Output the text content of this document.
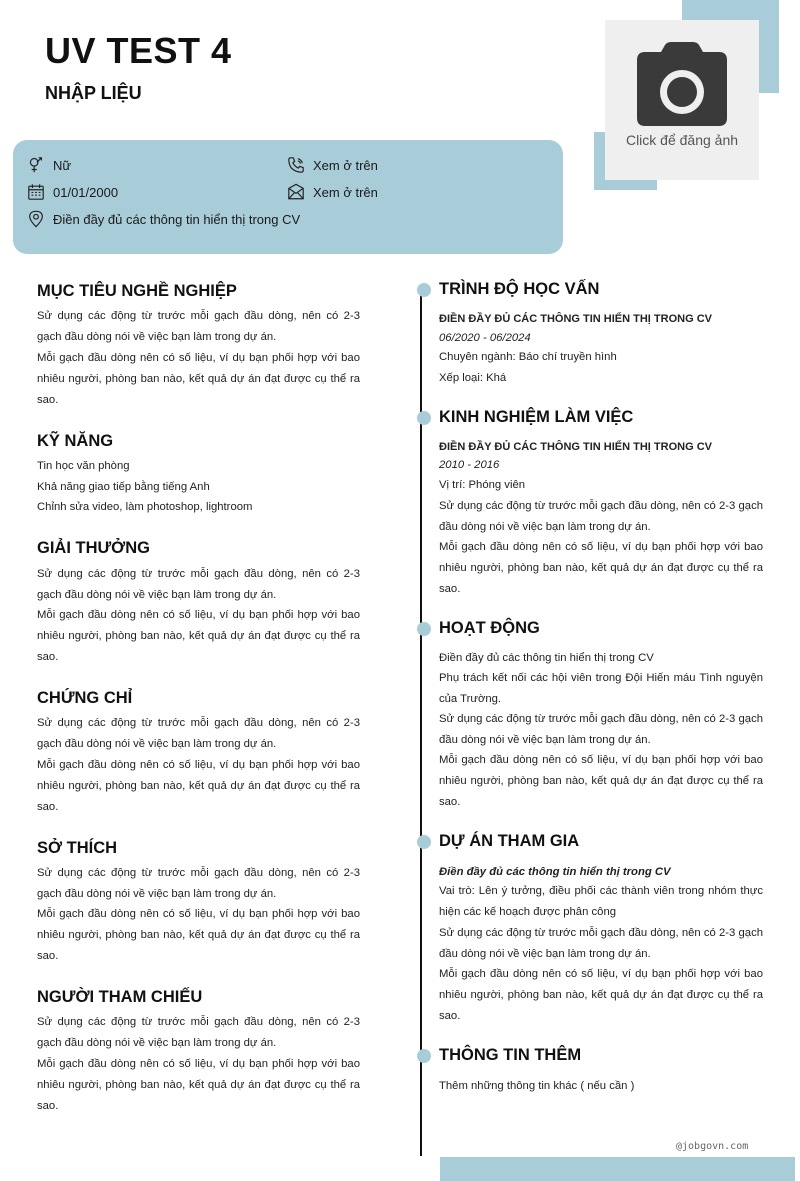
UV TEST 4
NHẬP LIỆU
Click để đăng ảnh
Nữ	Xem ở trên
01/01/2000	Xem ở trên
Điền đầy đủ các thông tin hiển thị trong CV
MỤC TIÊU NGHỀ NGHIỆP

Sử dụng các động từ trước mỗi gạch đầu dòng, nên có 2-3 gạch đầu dòng nói về việc bạn làm trong dự án.

Mỗi gạch đầu dòng nên có số liệu, ví dụ bạn phối hợp với bao nhiêu người, phòng ban nào, kết quả dự án đạt được cụ thể ra sao.

KỸ NĂNG

Tin học văn phòng

Khả năng giao tiếp bằng tiếng Anh

Chỉnh sửa video, làm photoshop, lightroom

GIẢI THƯỞNG

Sử dụng các động từ trước mỗi gạch đầu dòng, nên có 2-3 gạch đầu dòng nói về việc bạn làm trong dự án.

Mỗi gạch đầu dòng nên có số liệu, ví dụ bạn phối hợp với bao nhiêu người, phòng ban nào, kết quả dự án đạt được cụ thể ra sao.

CHỨNG CHỈ

Sử dụng các động từ trước mỗi gạch đầu dòng, nên có 2-3 gạch đầu dòng nói về việc bạn làm trong dự án.

Mỗi gạch đầu dòng nên có số liệu, ví dụ bạn phối hợp với bao nhiêu người, phòng ban nào, kết quả dự án đạt được cụ thể ra sao.

SỞ THÍCH

Sử dụng các động từ trước mỗi gạch đầu dòng, nên có 2-3 gạch đầu dòng nói về việc bạn làm trong dự án.

Mỗi gạch đầu dòng nên có số liệu, ví dụ bạn phối hợp với bao nhiêu người, phòng ban nào, kết quả dự án đạt được cụ thể ra sao.

NGƯỜI THAM CHIẾU

Sử dụng các động từ trước mỗi gạch đầu dòng, nên có 2-3 gạch đầu dòng nói về việc bạn làm trong dự án.

Mỗi gạch đầu dòng nên có số liệu, ví dụ bạn phối hợp với bao nhiêu người, phòng ban nào, kết quả dự án đạt được cụ thể ra sao.

TRÌNH ĐỘ HỌC VẤN

ĐIỀN ĐẦY ĐỦ CÁC THÔNG TIN HIỂN THỊ TRONG CV

06/2020 - 06/2024

Chuyên ngành: Báo chí truyền hình

Xếp loại: Khá

KINH NGHIỆM LÀM VIỆC

ĐIỀN ĐẦY ĐỦ CÁC THÔNG TIN HIỂN THỊ TRONG CV

2010 - 2016

Vị trí: Phóng viên

Sử dụng các động từ trước mỗi gạch đầu dòng, nên có 2-3 gạch đầu dòng nói về việc bạn làm trong dự án.

Mỗi gạch đầu dòng nên có số liệu, ví dụ bạn phối hợp với bao nhiêu người, phòng ban nào, kết quả dự án đạt được cụ thể ra sao.

HOẠT ĐỘNG

Điền đầy đủ các thông tin hiển thị trong CV

Phụ trách kết nối các hội viên trong Đội Hiến máu Tình nguyện của Trường.

Sử dụng các động từ trước mỗi gạch đầu dòng, nên có 2-3 gạch đầu dòng nói về việc bạn làm trong dự án.

Mỗi gạch đầu dòng nên có số liệu, ví dụ bạn phối hợp với bao nhiêu người, phòng ban nào, kết quả dự án đạt được cụ thể ra sao.

DỰ ÁN THAM GIA

Điền đầy đủ các thông tin hiển thị trong CV

Vai trò: Lên ý tưởng, điều phối các thành viên trong nhóm thực hiện các kế hoạch được phân công

Sử dụng các động từ trước mỗi gạch đầu dòng, nên có 2-3 gạch đầu dòng nói về việc bạn làm trong dự án.

Mỗi gạch đầu dòng nên có số liệu, ví dụ bạn phối hợp với bao nhiêu người, phòng ban nào, kết quả dự án đạt được cụ thể ra sao.

THÔNG TIN THÊM

Thêm những thông tin khác ( nếu cần )

@jobgovn.com
